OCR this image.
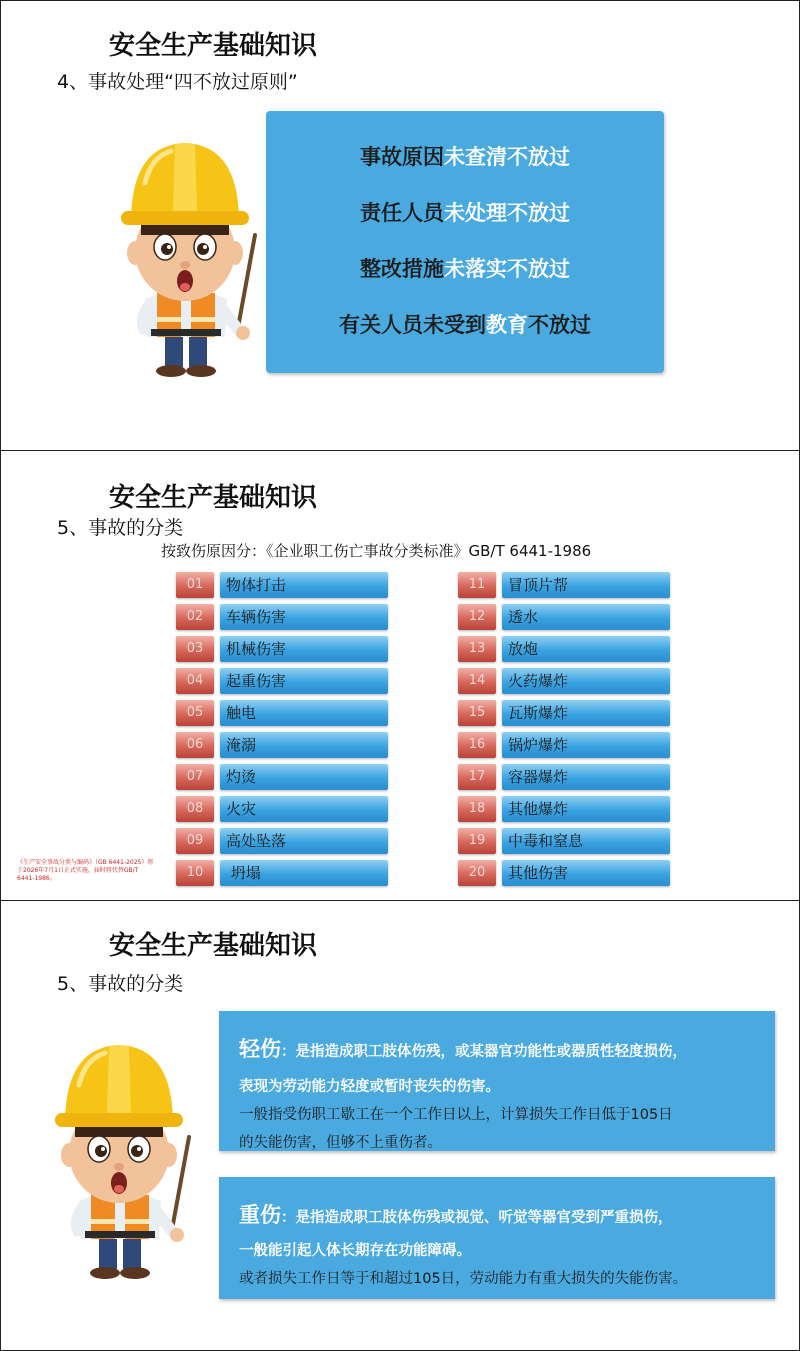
安全生产基础知识
4、事故处理“四不放过原则”
事故原因未查清不放过
责任人员未处理不放过
整改措施未落实不放过
有关人员未受到教育不放过
安全生产基础知识
5、事故的分类
按致伤原因分：《企业职工伤亡事故分类标准》GB/T 6441-1986
01	物体打击
02	车辆伤害
03	机械伤害
04	起重伤害
05	触电
06	淹溺
07	灼烫
08	火灾
09	高处坠落
10	坍塌
11	冒顶片帮
12	透水
13	放炮
14	火药爆炸
15	瓦斯爆炸
16	锅炉爆炸
17	容器爆炸
18	其他爆炸
19	中毒和窒息
20	其他伤害
《生产安全事故分类与编码》（GB 6441-2025）将于2026年7月1日正式实施，届时将代替GB/T 6441-1986。
安全生产基础知识
5、事故的分类
轻伤：是指造成职工肢体伤残，或某器官功能性或器质性轻度损伤，
表现为劳动能力轻度或暂时丧失的伤害。
一般指受伤职工歇工在一个工作日以上，计算损失工作日低于105日
的失能伤害，但够不上重伤者。
重伤：是指造成职工肢体伤残或视觉、听觉等器官受到严重损伤，
一般能引起人体长期存在功能障碍。
或者损失工作日等于和超过105日，劳动能力有重大损失的失能伤害。
